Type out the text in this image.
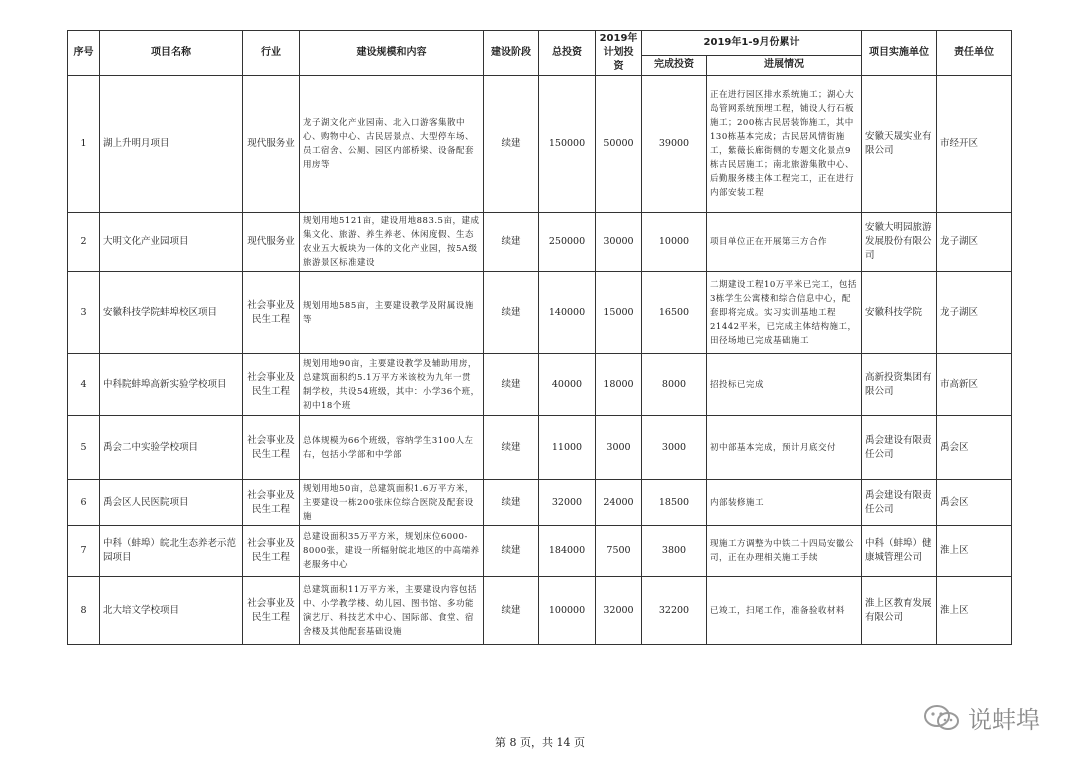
序号	项目名称	行业	建设规模和内容	建设阶段	总投资	2019年计划投资	2019年1-9月份累计		项目实施单位	责任单位
							完成投资	进展情况		
1	湖上升明月项目	现代服务业	龙子湖文化产业园南、北入口游客集散中心、购物中心、古民居景点、大型停车场、员工宿舍、公厕、园区内部桥梁、设备配套用房等	续建	150000	50000	39000	正在进行园区排水系统施工；湖心大岛管网系统预埋工程，铺设人行石板施工；200栋古民居装饰施工，其中130栋基本完成；古民居风情街施工，紫薇长廊街侧的专题文化景点9栋古民居施工；南北旅游集散中心、后勤服务楼主体工程完工，正在进行内部安装工程	安徽天晟实业有限公司	市经开区
2	大明文化产业园项目	现代服务业	规划用地5121亩，建设用地883.5亩，建成集文化、旅游、养生养老、休闲度假、生态农业五大板块为一体的文化产业园，按5A级旅游景区标准建设	续建	250000	30000	10000	项目单位正在开展第三方合作	安徽大明园旅游发展股份有限公司	龙子湖区
3	安徽科技学院蚌埠校区项目	社会事业及民生工程	规划用地585亩，主要建设教学及附属设施等	续建	140000	15000	16500	二期建设工程10万平米已完工，包括3栋学生公寓楼和综合信息中心，配套即将完成。实习实训基地工程21442平米，已完成主体结构施工，田径场地已完成基础施工	安徽科技学院	龙子湖区
4	中科院蚌埠高新实验学校项目	社会事业及民生工程	规划用地90亩，主要建设教学及辅助用房，总建筑面积约5.1万平方米该校为九年一贯制学校，共设54班级，其中：小学36个班，初中18个班	续建	40000	18000	8000	招投标已完成	高新投资集团有限公司	市高新区
5	禹会二中实验学校项目	社会事业及民生工程	总体规模为66个班级，容纳学生3100人左右，包括小学部和中学部	续建	11000	3000	3000	初中部基本完成，预计月底交付	禹会建设有限责任公司	禹会区
6	禹会区人民医院项目	社会事业及民生工程	规划用地50亩，总建筑面积1.6万平方米，主要建设一栋200张床位综合医院及配套设施	续建	32000	24000	18500	内部装修施工	禹会建设有限责任公司	禹会区
7	中科（蚌埠）皖北生态养老示范园项目	社会事业及民生工程	总建设面积35万平方米，规划床位6000-8000张，建设一所辐射皖北地区的中高端养老服务中心	续建	184000	7500	3800	现施工方调整为中铁二十四局安徽公司，正在办理相关施工手续	中科（蚌埠）健康城管理公司	淮上区
8	北大培文学校项目	社会事业及民生工程	总建筑面积11万平方米，主要建设内容包括中、小学教学楼、幼儿园、图书馆、多功能演艺厅、科技艺术中心、国际部、食堂、宿舍楼及其他配套基础设施	续建	100000	32000	32200	已竣工，扫尾工作，准备验收材料	淮上区教育发展有限公司	淮上区
第 8 页，共 14 页
说蚌埠
